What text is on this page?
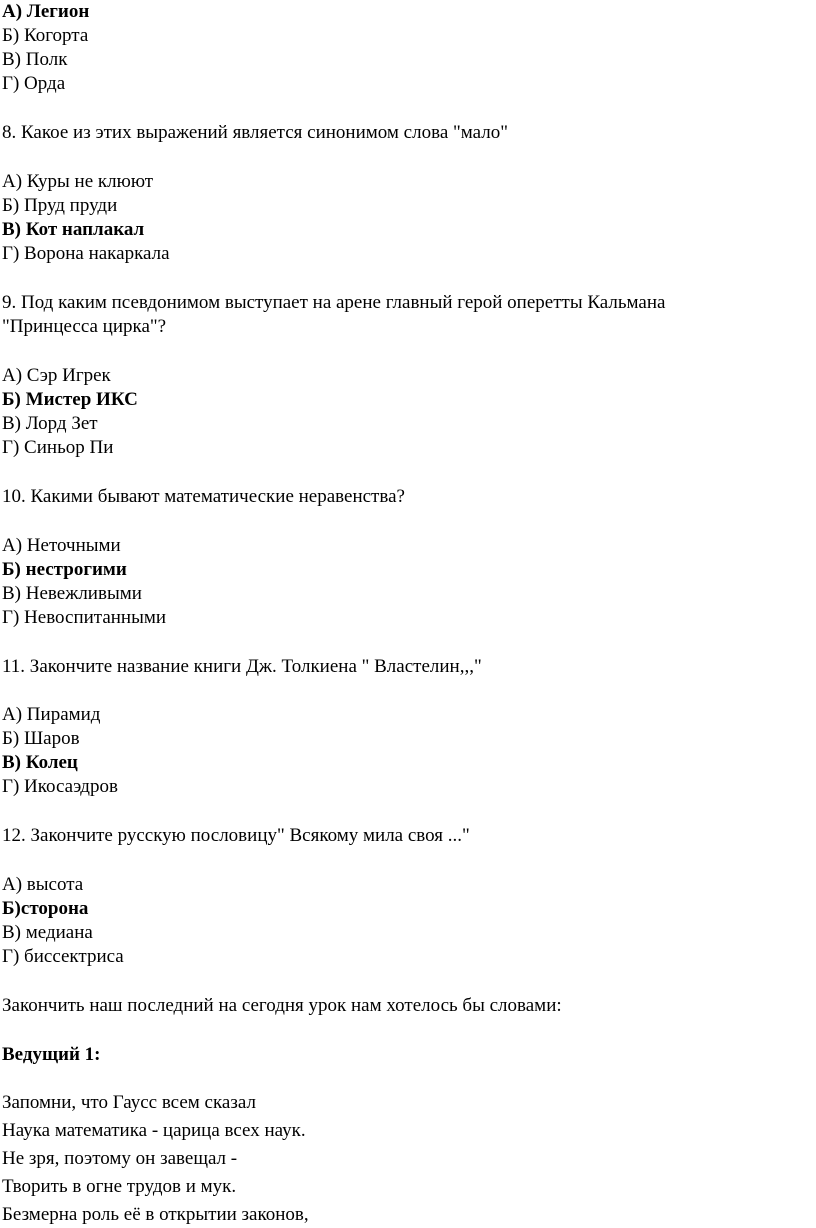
А) Легион
Б) Когорта
В) Полк
Г) Орда
8. Какое из этих выражений является синонимом слова "мало"
А) Куры не клюют
Б) Пруд пруди
В) Кот наплакал
Г) Ворона накаркала
9. Под каким псевдонимом выступает на арене главный герой оперетты Кальмана
"Принцесса цирка"?
А) Сэр Игрек
Б) Мистер ИКС
В) Лорд Зет
Г) Синьор Пи
10. Какими бывают математические неравенства?
А) Неточными
Б) нестрогими
В) Невежливыми
Г) Невоспитанными
11. Закончите название книги Дж. Толкиена " Властелин,,,"
А) Пирамид
Б) Шаров
В) Колец
Г) Икосаэдров
12. Закончите русскую пословицу" Всякому мила своя ..."
А) высота
Б)сторона
В) медиана
Г) биссектриса
Закончить наш последний на сегодня урок нам хотелось бы словами:
Ведущий 1:
Запомни, что Гаусс всем сказал
Наука математика - царица всех наук.
Не зря, поэтому он завещал -
Творить в огне трудов и мук.
Безмерна роль её в открытии законов,
